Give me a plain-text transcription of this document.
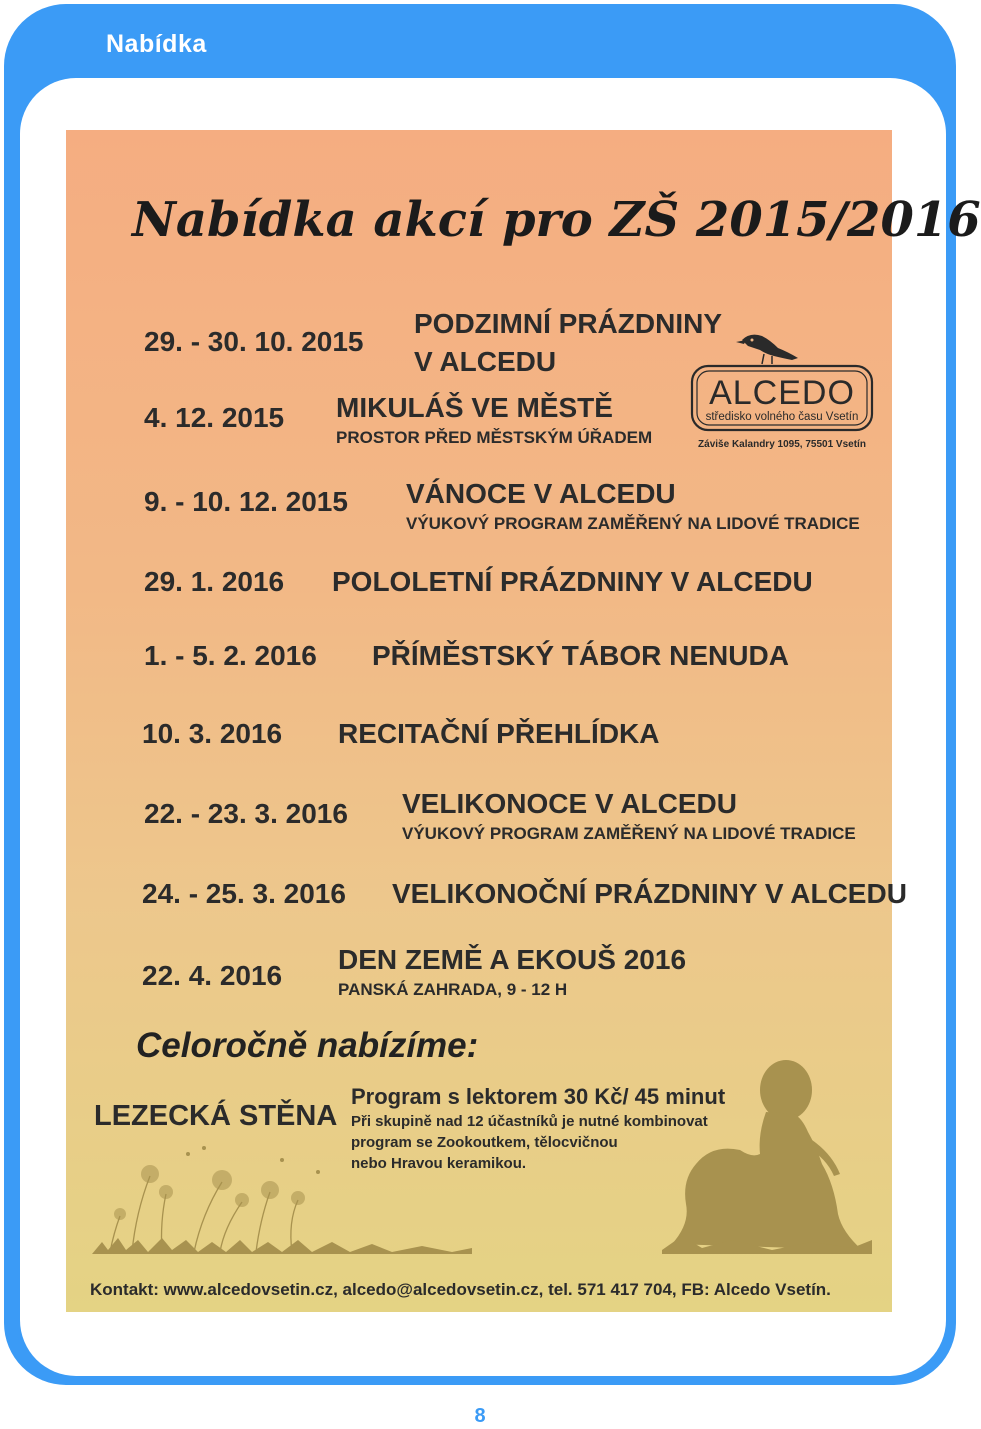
Nabídka
Nabídka akcí pro ZŠ 2015/2016
29. - 30. 10. 2015
PODZIMNÍ PRÁZDNINY
V ALCEDU
4. 12. 2015 MIKULÁŠ VE MĚSTĚ
PROSTOR PŘED MĚSTSKÝM ÚŘADEM
9. - 10. 12. 2015 VÁNOCE V ALCEDU
VÝUKOVÝ PROGRAM ZAMĚŘENÝ NA LIDOVÉ TRADICE
29. 1. 2016 POLOLETNÍ PRÁZDNINY V ALCEDU
1. - 5. 2. 2016 PŘÍMĚSTSKÝ TÁBOR NENUDA
10. 3. 2016 RECITAČNÍ PŘEHLÍDKA
22. - 23. 3. 2016 VELIKONOCE V ALCEDU
VÝUKOVÝ PROGRAM ZAMĚŘENÝ NA LIDOVÉ TRADICE
24. - 25. 3. 2016 VELIKONOČNÍ PRÁZDNINY V ALCEDU
22. 4. 2016
DEN ZEMĚ A EKOUŠ 2016
PANSKÁ ZAHRADA, 9 - 12 H
ALCEDO
středisko volného času Vsetín
Záviše Kalandry 1095, 75501 Vsetín
Celoročně nabízíme:
LEZECKÁ STĚNA
Program s lektorem 30 Kč/ 45 minut
Při skupině nad 12 účastníků je nutné kombinovat
program se Zookoutkem, tělocvičnou
nebo Hravou keramikou.
Kontakt: www.alcedovsetin.cz, alcedo@alcedovsetin.cz, tel. 571 417 704, FB: Alcedo Vsetín.
8
